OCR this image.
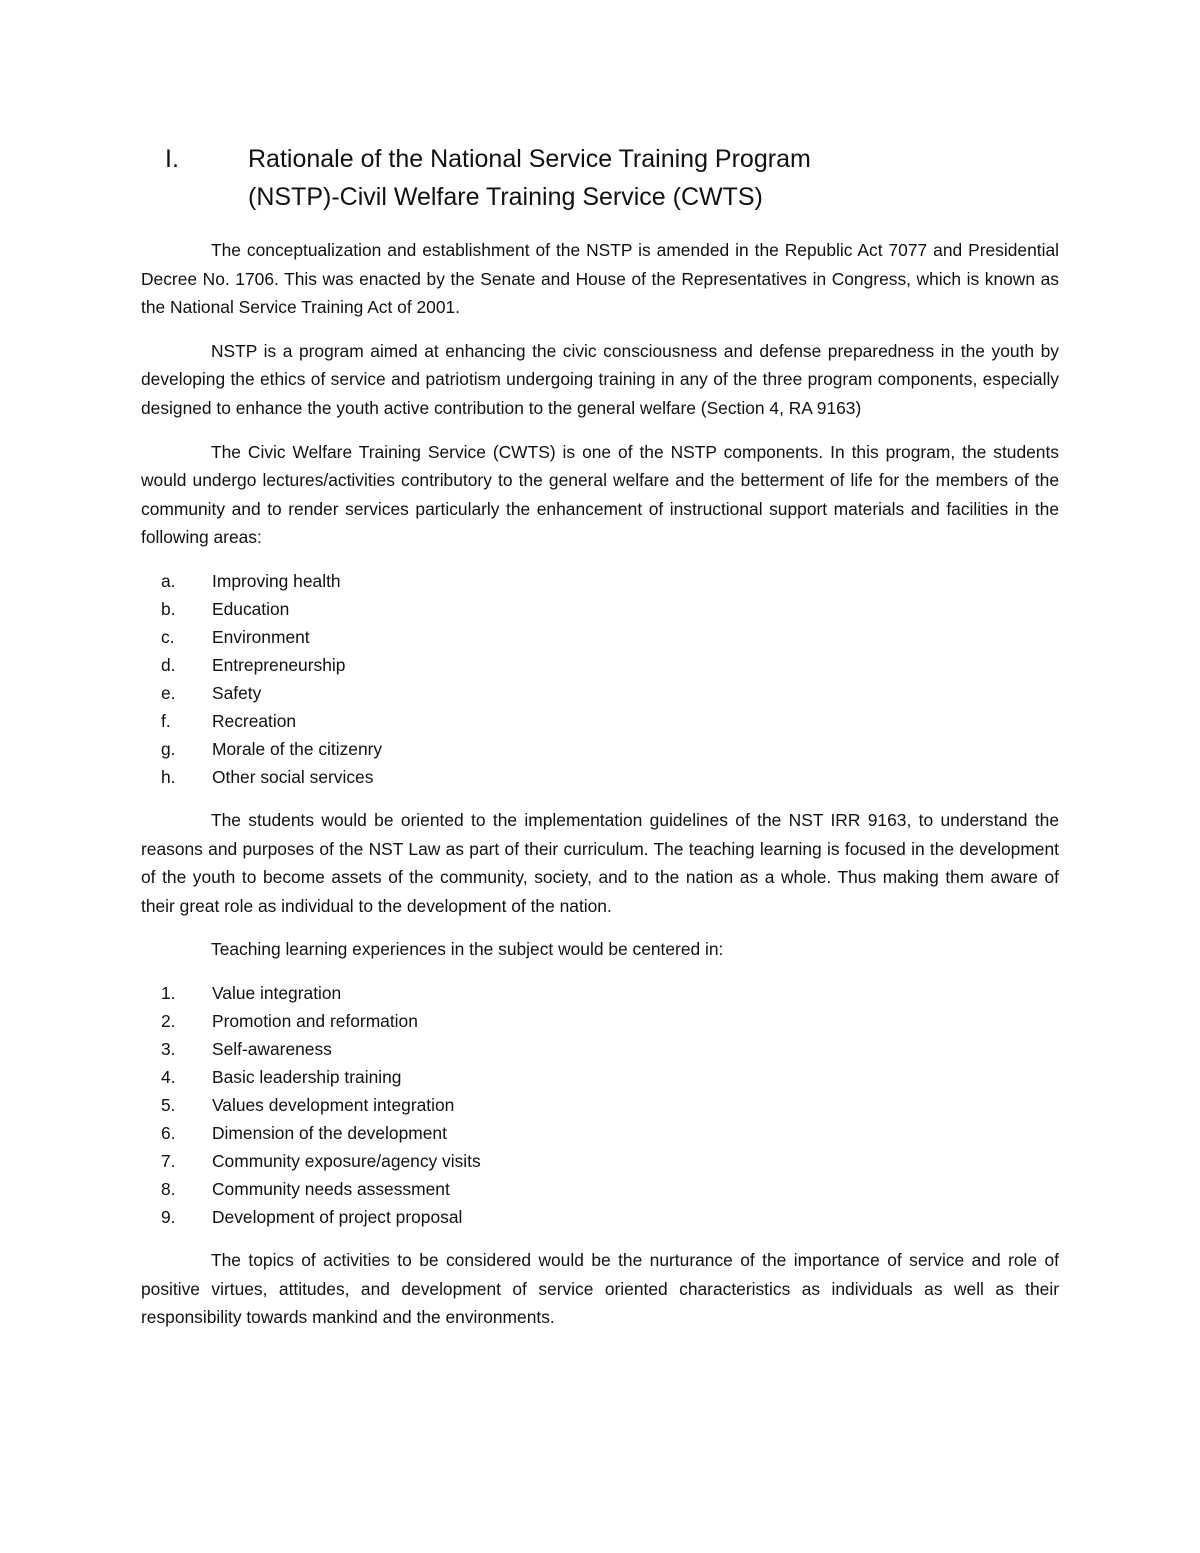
I.	Rationale of the National Service Training Program
(NSTP)-Civil Welfare Training Service (CWTS)

The conceptualization and establishment of the NSTP is amended in the Republic Act 7077 and Presidential Decree No. 1706. This was enacted by the Senate and House of the Representatives in Congress, which is known as the National Service Training Act of 2001.

NSTP is a program aimed at enhancing the civic consciousness and defense preparedness in the youth by developing the ethics of service and patriotism undergoing training in any of the three program components, especially designed to enhance the youth active contribution to the general welfare (Section 4, RA 9163)

The Civic Welfare Training Service (CWTS) is one of the NSTP components. In this program, the students would undergo lectures/activities contributory to the general welfare and the betterment of life for the members of the community and to render services particularly the enhancement of instructional support materials and facilities in the following areas:

a.	Improving health
b.	Education
c.	Environment
d.	Entrepreneurship
e.	Safety
f.	Recreation
g.	Morale of the citizenry
h.	Other social services

The students would be oriented to the implementation guidelines of the NST IRR 9163, to understand the reasons and purposes of the NST Law as part of their curriculum. The teaching learning is focused in the development of the youth to become assets of the community, society, and to the nation as a whole. Thus making them aware of their great role as individual to the development of the nation.

Teaching learning experiences in the subject would be centered in:

1.	Value integration
2.	Promotion and reformation
3.	Self-awareness
4.	Basic leadership training
5.	Values development integration
6.	Dimension of the development
7.	Community exposure/agency visits
8.	Community needs assessment
9.	Development of project proposal

The topics of activities to be considered would be the nurturance of the importance of service and role of positive virtues, attitudes, and development of service oriented characteristics as individuals as well as their responsibility towards mankind and the environments.
